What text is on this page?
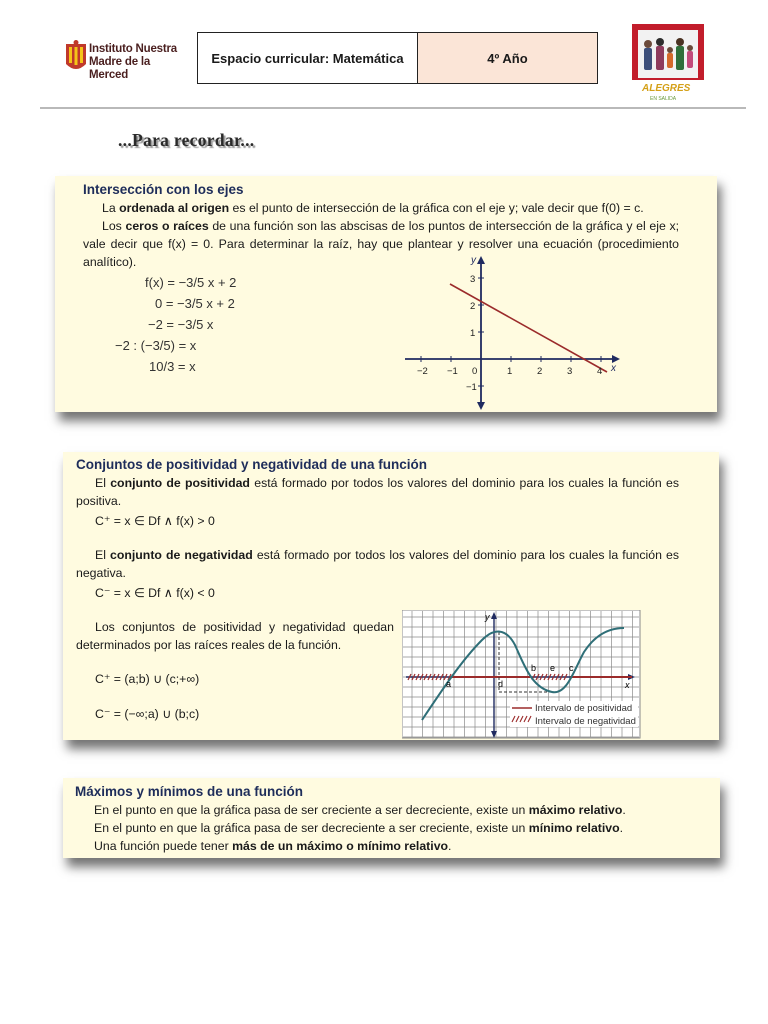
Instituto Nuestra
Madre de la Merced
Espacio curricular: Matemática	4º Año
ALEGRES
EN SALIDA
...Para recordar...
Intersección con los ejes

La ordenada al origen es el punto de intersección de la gráfica con el eje y; vale decir que f(0) = c.

Los ceros o raíces de una función son las abscisas de los puntos de intersección de la gráfica y el eje x; vale decir que f(x) = 0. Para determinar la raíz, hay que plantear y resolver una ecuación (procedimiento analítico).

f(x) = −3/5 x + 2
0 = −3/5 x + 2
−2 = −3/5 x
−2 : (−3/5) = x
10/3 = x	−2 −1 0	1	2	3	4
3
2
1
−1
x
y
Conjuntos de positividad y negatividad de una función

El conjunto de positividad está formado por todos los valores del dominio para los cuales la función es positiva.

C⁺ = x ∈ Df ∧ f(x) > 0

El conjunto de negatividad está formado por todos los valores del dominio para los cuales la función es negativa.

C⁻ = x ∈ Df ∧ f(x) < 0

Los conjuntos de positividad y negatividad quedan determinados por las raíces reales de la función.

C⁺ = (a;b) ∪ (c;+∞)

C⁻ = (−∞;a) ∪ (b;c)

a	d
b e c
x
y
Intervalo de positividad
Intervalo de negatividad
Máximos y mínimos de una función

En el punto en que la gráfica pasa de ser creciente a ser decreciente, existe un máximo relativo.

En el punto en que la gráfica pasa de ser decreciente a ser creciente, existe un mínimo relativo.

Una función puede tener más de un máximo o mínimo relativo.
